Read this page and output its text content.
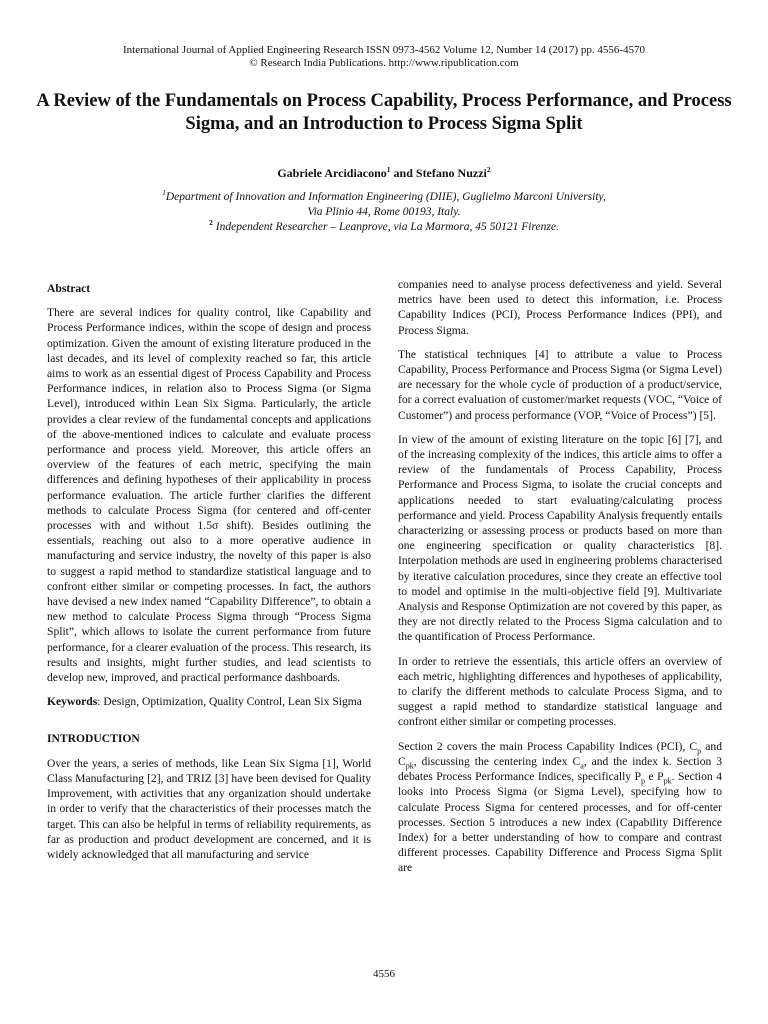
International Journal of Applied Engineering Research ISSN 0973-4562 Volume 12, Number 14 (2017) pp. 4556-4570
© Research India Publications. http://www.ripublication.com
A Review of the Fundamentals on Process Capability, Process Performance, and Process Sigma, and an Introduction to Process Sigma Split
Gabriele Arcidiacono$^1$ and Stefano Nuzzi$^2$
$^1$Department of Innovation and Information Engineering (DIIE), Guglielmo Marconi University,
Via Plinio 44, Rome 00193, Italy.
$^2$ Independent Researcher – Leanprove, via La Marmora, 45 50121 Firenze.
Abstract

There are several indices for quality control, like Capability and Process Performance indices, within the scope of design and process optimization. Given the amount of existing literature produced in the last decades, and its level of complexity reached so far, this article aims to work as an essential digest of Process Capability and Process Performance indices, in relation also to Process Sigma (or Sigma Level), introduced within Lean Six Sigma. Particularly, the article provides a clear review of the fundamental concepts and applications of the above-mentioned indices to calculate and evaluate process performance and process yield. Moreover, this article offers an overview of the features of each metric, specifying the main differences and defining hypotheses of their applicability in process performance evaluation. The article further clarifies the different methods to calculate Process Sigma (for centered and off-center processes with and without 1.5σ shift). Besides outlining the essentials, reaching out also to a more operative audience in manufacturing and service industry, the novelty of this paper is also to suggest a rapid method to standardize statistical language and to confront either similar or competing processes. In fact, the authors have devised a new index named “Capability Difference”, to obtain a new method to calculate Process Sigma through “Process Sigma Split”, which allows to isolate the current performance from future performance, for a clearer evaluation of the process. This research, its results and insights, might further studies, and lead scientists to develop new, improved, and practical performance dashboards.

Keywords: Design, Optimization, Quality Control, Lean Six Sigma

INTRODUCTION

Over the years, a series of methods, like Lean Six Sigma [1], World Class Manufacturing [2], and TRIZ [3] have been devised for Quality Improvement, with activities that any organization should undertake in order to verify that the characteristics of their processes match the target. This can also be helpful in terms of reliability requirements, as far as production and product development are concerned, and it is widely acknowledged that all manufacturing and service

companies need to analyse process defectiveness and yield. Several metrics have been used to detect this information, i.e. Process Capability Indices (PCI), Process Performance Indices (PPI), and Process Sigma.

The statistical techniques [4] to attribute a value to Process Capability, Process Performance and Process Sigma (or Sigma Level) are necessary for the whole cycle of production of a product/service, for a correct evaluation of customer/market requests (VOC, “Voice of Customer”) and process performance (VOP, “Voice of Process”) [5].

In view of the amount of existing literature on the topic [6] [7], and of the increasing complexity of the indices, this article aims to offer a review of the fundamentals of Process Capability, Process Performance and Process Sigma, to isolate the crucial concepts and applications needed to start evaluating/calculating process performance and yield. Process Capability Analysis frequently entails characterizing or assessing process or products based on more than one engineering specification or quality characteristics [8]. Interpolation methods are used in engineering problems characterised by iterative calculation procedures, since they create an effective tool to model and optimise in the multi-objective field [9]. Multivariate Analysis and Response Optimization are not covered by this paper, as they are not directly related to the Process Sigma calculation and to the quantification of Process Performance.

In order to retrieve the essentials, this article offers an overview of each metric, highlighting differences and hypotheses of applicability, to clarify the different methods to calculate Process Sigma, and to suggest a rapid method to standardize statistical language and confront either similar or competing processes.

Section 2 covers the main Process Capability Indices (PCI), $C_p$ and $C_{pk}$, discussing the centering index $C_a$, and the index k. Section 3 debates Process Performance Indices, specifically $P_p$ e $P_{pk}$. Section 4 looks into Process Sigma (or Sigma Level), specifying how to calculate Process Sigma for centered processes, and for off-center processes. Section 5 introduces a new index (Capability Difference Index) for a better understanding of how to compare and contrast different processes. Capability Difference and Process Sigma Split are

4556
